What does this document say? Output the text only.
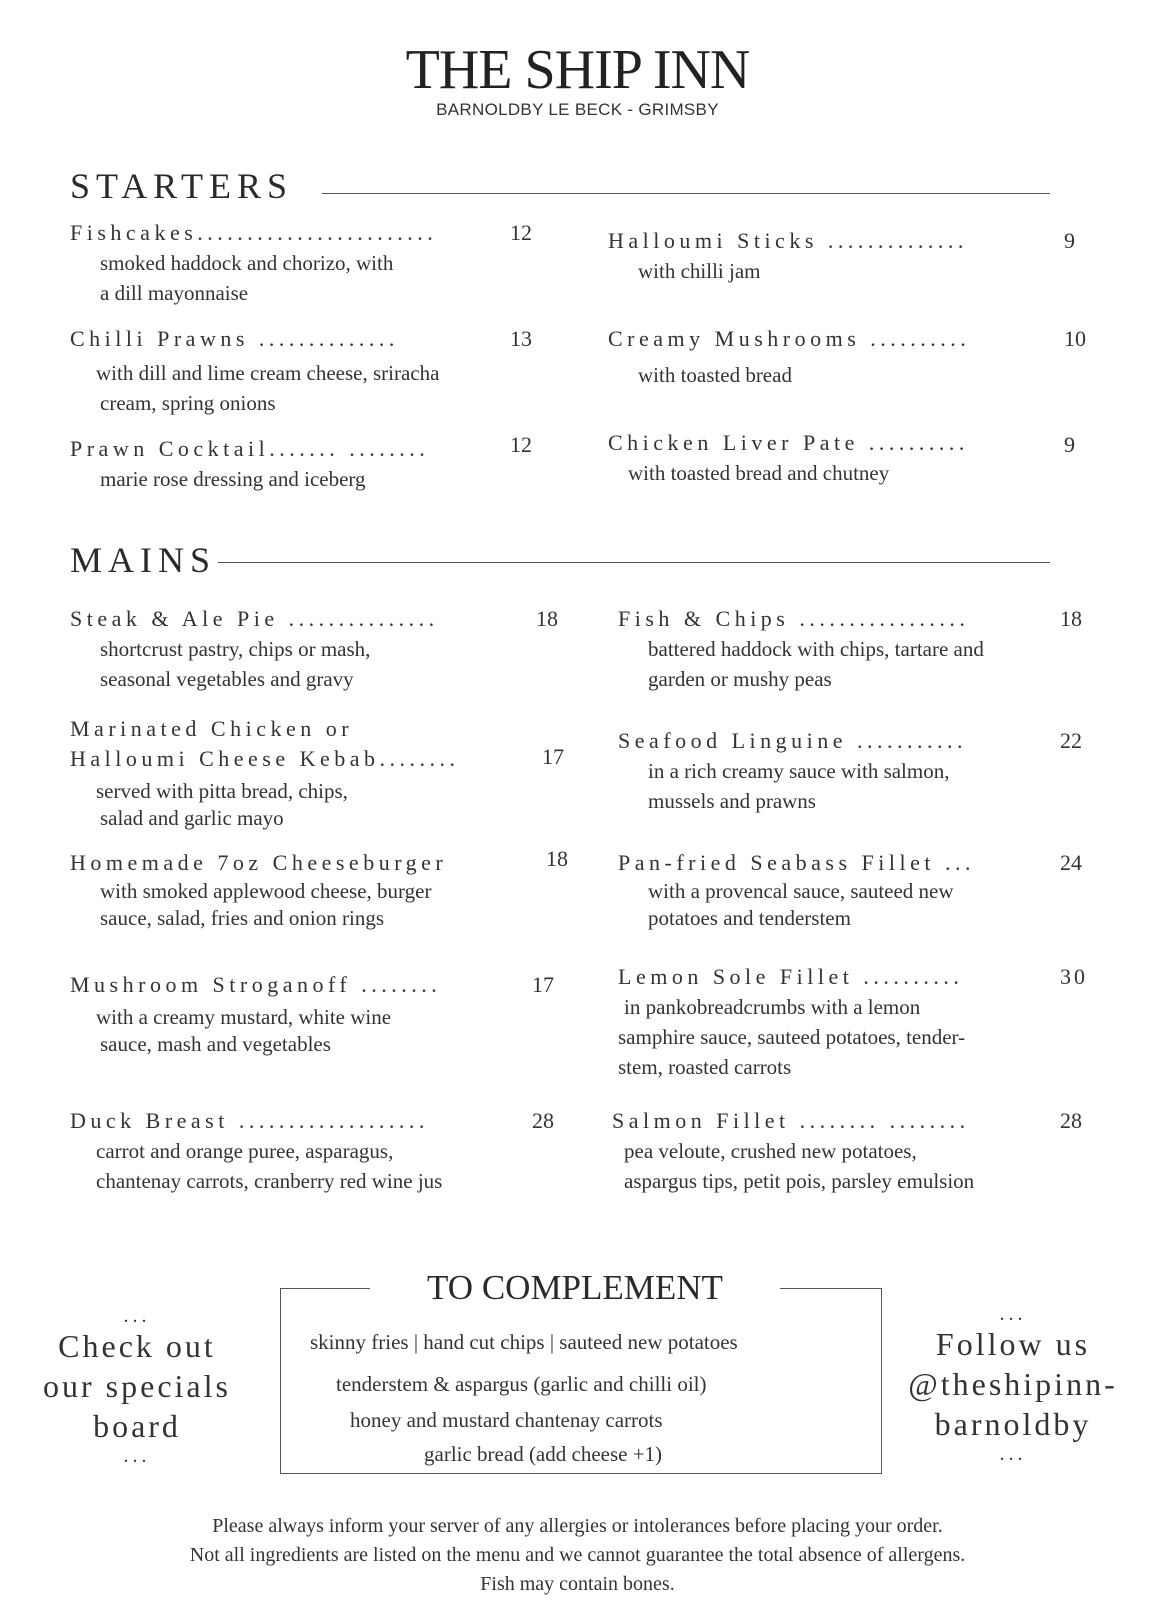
THE SHIP INN
BARNOLDBY LE BECK - GRIMSBY
STARTERS
Fishcakes........................	12
smoked haddock and chorizo, with
a dill mayonnaise
Halloumi Sticks ..............	9
with chilli jam
Chilli Prawns ..............	13
with dill and lime cream cheese, sriracha
cream, spring onions
Creamy Mushrooms ..........	10
with toasted bread
Prawn Cocktail....... ........	12
marie rose dressing and iceberg
Chicken Liver Pate ..........	9
with toasted bread and chutney
MAINS
Steak & Ale Pie ...............	18
shortcrust pastry, chips or mash,
seasonal vegetables and gravy
Fish & Chips .................	18
battered haddock with chips, tartare and
garden or mushy peas
Marinated Chicken or
Halloumi Cheese Kebab........	17
served with pitta bread, chips,
salad and garlic mayo
Seafood Linguine ...........	22
in a rich creamy sauce with salmon,
mussels and prawns
Homemade 7oz Cheeseburger	18
with smoked applewood cheese, burger
sauce, salad, fries and onion rings
Pan-fried Seabass Fillet ...	24
with a provencal sauce, sauteed new
potatoes and tenderstem
Mushroom Stroganoff ........	17
with a creamy mustard, white wine
sauce, mash and vegetables
Lemon Sole Fillet ..........	30
in pankobreadcrumbs with a lemon
samphire sauce, sauteed potatoes, tender-
stem, roasted carrots
Duck Breast ...................	28
carrot and orange puree, asparagus,
chantenay carrots, cranberry red wine jus
Salmon Fillet ........ ........	28
pea veloute, crushed new potatoes,
aspargus tips, petit pois, parsley emulsion
...
Check out
our specials
board
...
TO COMPLEMENT
skinny fries | hand cut chips | sauteed new potatoes
tenderstem & aspargus (garlic and chilli oil)
honey and mustard chantenay carrots
garlic bread (add cheese +1)
...
Follow us
@theshipinn-
barnoldby
...
Please always inform your server of any allergies or intolerances before placing your order.
Not all ingredients are listed on the menu and we cannot guarantee the total absence of allergens.
Fish may contain bones.
